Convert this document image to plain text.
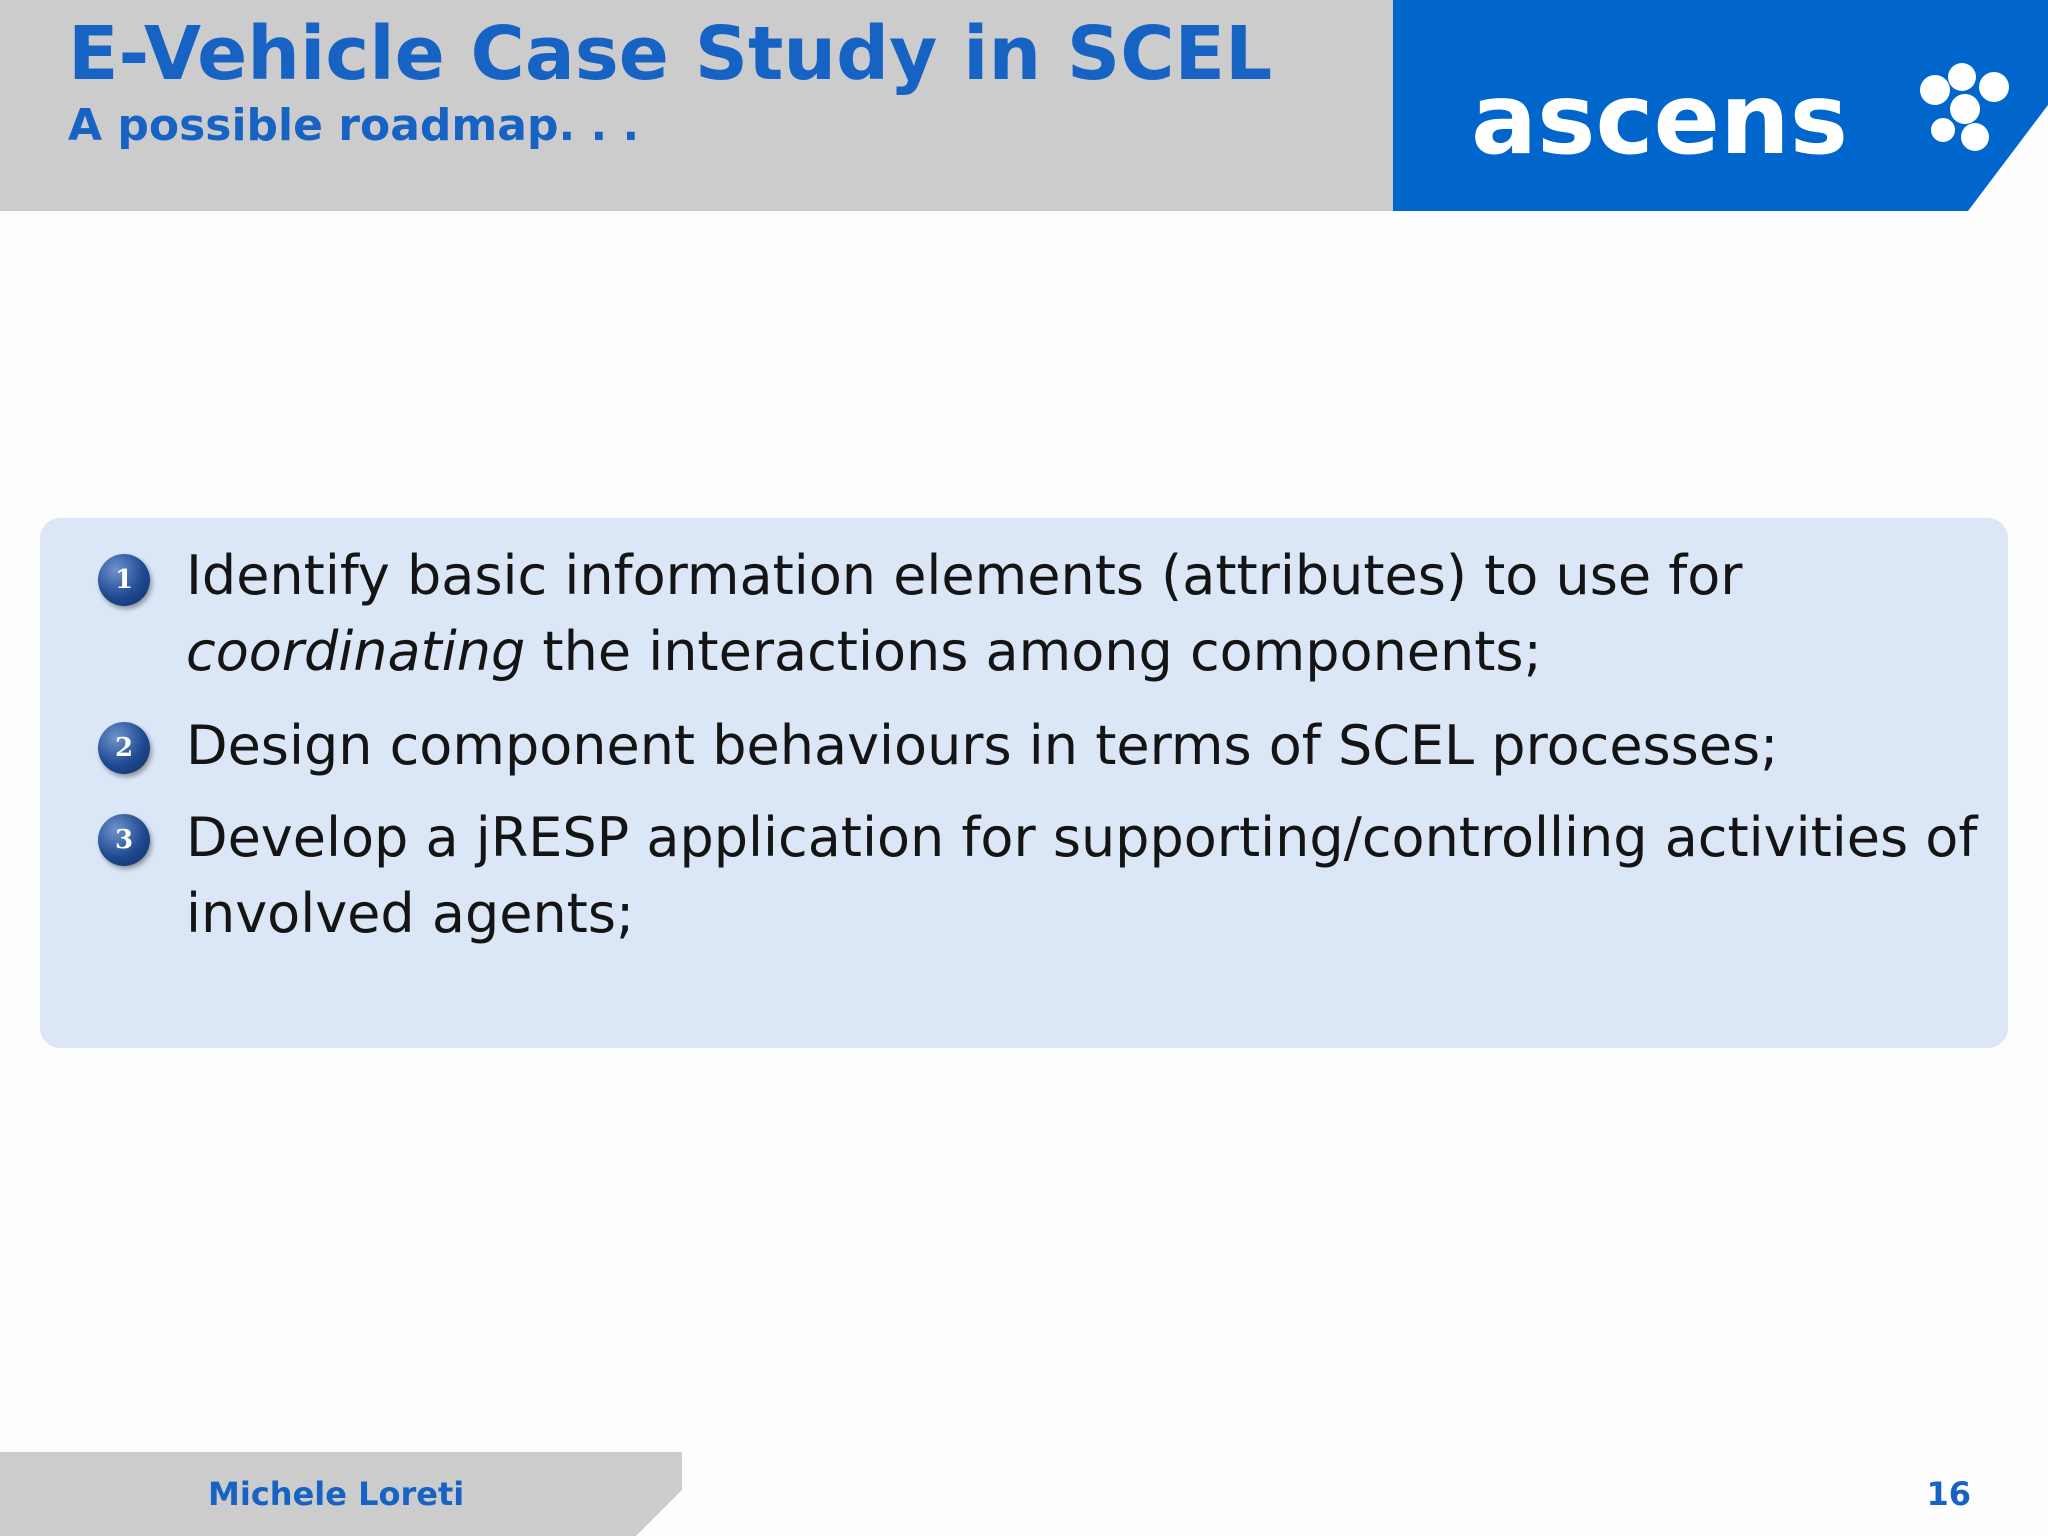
E-Vehicle Case Study in SCEL
A possible roadmap. . .	ascens
1 Identify basic information elements (attributes) to use for
coordinating the interactions among components;
2 Design component behaviours in terms of SCEL processes;
3 Develop a jRESP application for supporting/controlling activities of
involved agents;
Michele Loreti	16
